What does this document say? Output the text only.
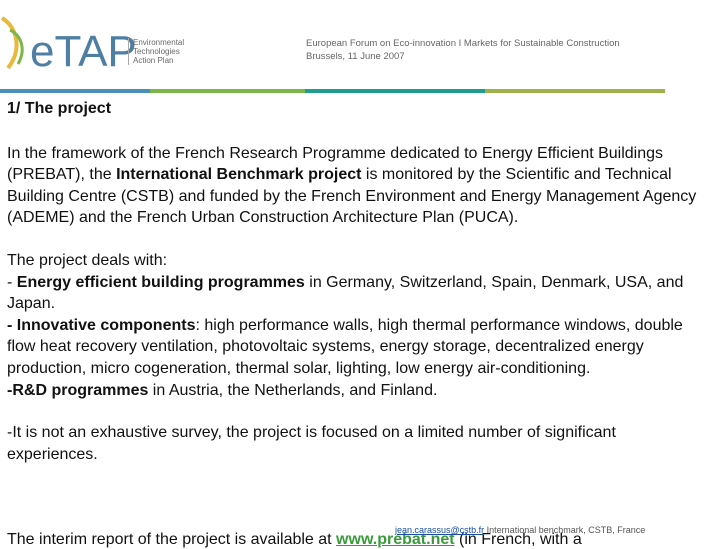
eTAP
Environmental
Technologies
Action Plan
European Forum on Eco-innovation I Markets for Sustainable Construction
Brussels, 11 June 2007

1/ The project

In the framework of the French Research Programme dedicated to Energy Efficient Buildings (PREBAT), the International Benchmark project is monitored by the Scientific and Technical Building Centre (CSTB) and funded by the French Environment and Energy Management Agency (ADEME) and the French Urban Construction Architecture Plan (PUCA).

The project deals with:

- Energy efficient building programmes in Germany, Switzerland, Spain, Denmark, USA, and Japan.

- Innovative components: high performance walls, high thermal performance windows, double flow heat recovery ventilation, photovoltaic systems, energy storage, decentralized energy production, micro cogeneration, thermal solar, lighting, low energy air-conditioning.

-R&D programmes in Austria, the Netherlands, and Finland.

-It is not an exhaustive survey, the project is focused on a limited number of significant experiences.

The interim report of the project is available at www.prebat.net (in French, with a
jean.carassus@cstb.fr International benchmark, CSTB, France
